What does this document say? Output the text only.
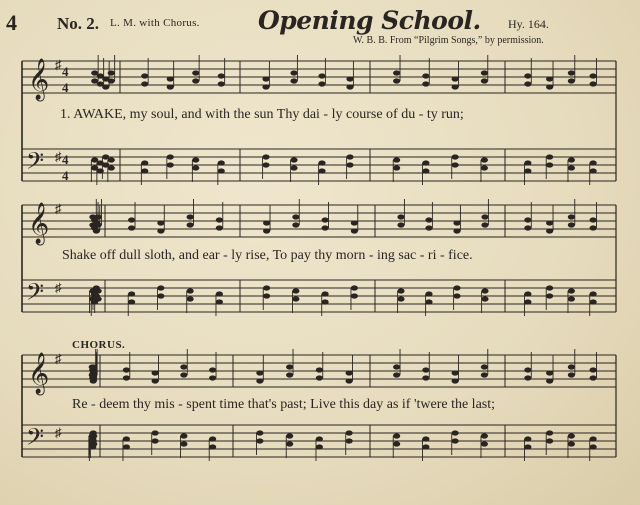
4 No. 2. L. M. with Chorus. Opening School. Hy. 164.
W. B. B. From “Pilgrim Songs,” by permission.
𝄞
𝄢
♯
♯
4
4
4
4
𝄞
𝄢
♯
♯
𝄞
𝄢
♯
♯
1. AWAKE, my soul, and with the sun Thy dai - ly course of du - ty run;
Shake off dull sloth, and ear - ly rise, To pay thy morn - ing sac - ri - fice.
CHORUS.
Re - deem thy mis - spent time that's past; Live this day as if 'twere the last;
